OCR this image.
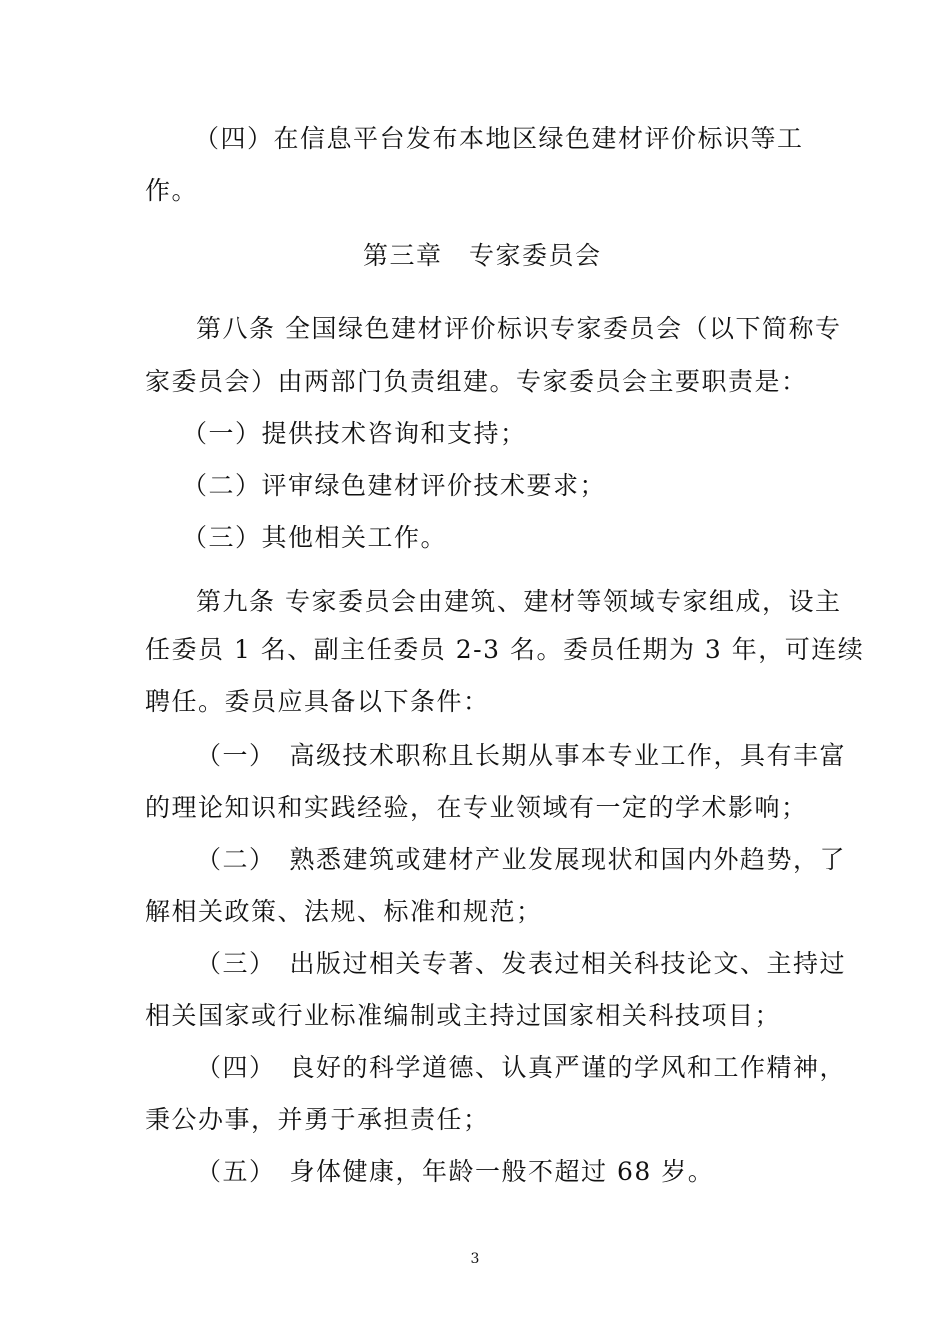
（四）在信息平台发布本地区绿色建材评价标识等工
作。
第三章　专家委员会
第八条 全国绿色建材评价标识专家委员会（以下简称专
家委员会）由两部门负责组建。专家委员会主要职责是：
（一）提供技术咨询和支持；
（二）评审绿色建材评价技术要求；
（三）其他相关工作。
第九条 专家委员会由建筑、建材等领域专家组成，设主
任委员 1 名、副主任委员 2-3 名。委员任期为 3 年，可连续
聘任。委员应具备以下条件：
（一）　高级技术职称且长期从事本专业工作，具有丰富
的理论知识和实践经验，在专业领域有一定的学术影响；
（二）　熟悉建筑或建材产业发展现状和国内外趋势，了
解相关政策、法规、标准和规范；
（三）　出版过相关专著、发表过相关科技论文、主持过
相关国家或行业标准编制或主持过国家相关科技项目；
（四）　良好的科学道德、认真严谨的学风和工作精神，
秉公办事，并勇于承担责任；
（五）　身体健康，年龄一般不超过 68 岁。
3
